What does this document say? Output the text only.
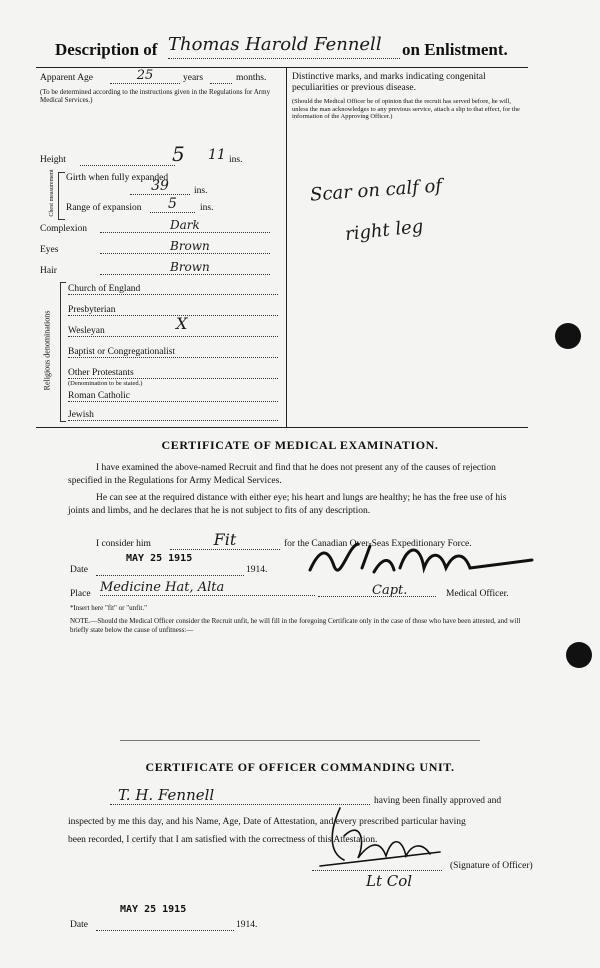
Description of Thomas Harold Fennell	on Enlistment.
Apparent Age	25	years	months.
(To be determined according to the instructions given in the Regulations for Army Medical Services.)
Height	5 11 ins.
Chest measurement Girth when fully expanded
39	ins.
Range of expansion	5	ins.
Complexion	Dark
Eyes	Brown
Hair	Brown
Religious denominations
Church of England
Presbyterian
Wesleyan	X
Baptist or Congregationalist
Other Protestants
(Denomination to be stated.)
Roman Catholic
Jewish
Distinctive marks, and marks indicating congenital peculiarities or previous disease.
(Should the Medical Officer be of opinion that the recruit has served before, he will, unless the man acknowledges to any previous service, attach a slip to that effect, for the information of the Approving Officer.)
Scar on calf of
right leg
CERTIFICATE OF MEDICAL EXAMINATION.
I have examined the above-named Recruit and find that he does not present any of the causes of rejection specified in the Regulations for Army Medical Services.
He can see at the required distance with either eye; his heart and lungs are healthy; he has the free use of his joints and limbs, and he declares that he is not subject to fits of any description.
I consider him	Fit	for the Canadian Over-Seas Expeditionary Force.
MAY 25 1915
Date	1914.
Place Medicine Hat, Alta	Capt.	Medical Officer.
*Insert here "fit" or "unfit."
NOTE.—Should the Medical Officer consider the Recruit unfit, he will fill in the foregoing Certificate only in the case of those who have been attested, and will briefly state below the cause of unfitness:—
CERTIFICATE OF OFFICER COMMANDING UNIT.
T. H. Fennell	having been finally approved and
inspected by me this day, and his Name, Age, Date of Attestation, and every prescribed particular having
been recorded, I certify that I am satisfied with the correctness of this Attestation.
(Signature of Officer)
Lt Col
MAY 25 1915
Date	1914.
